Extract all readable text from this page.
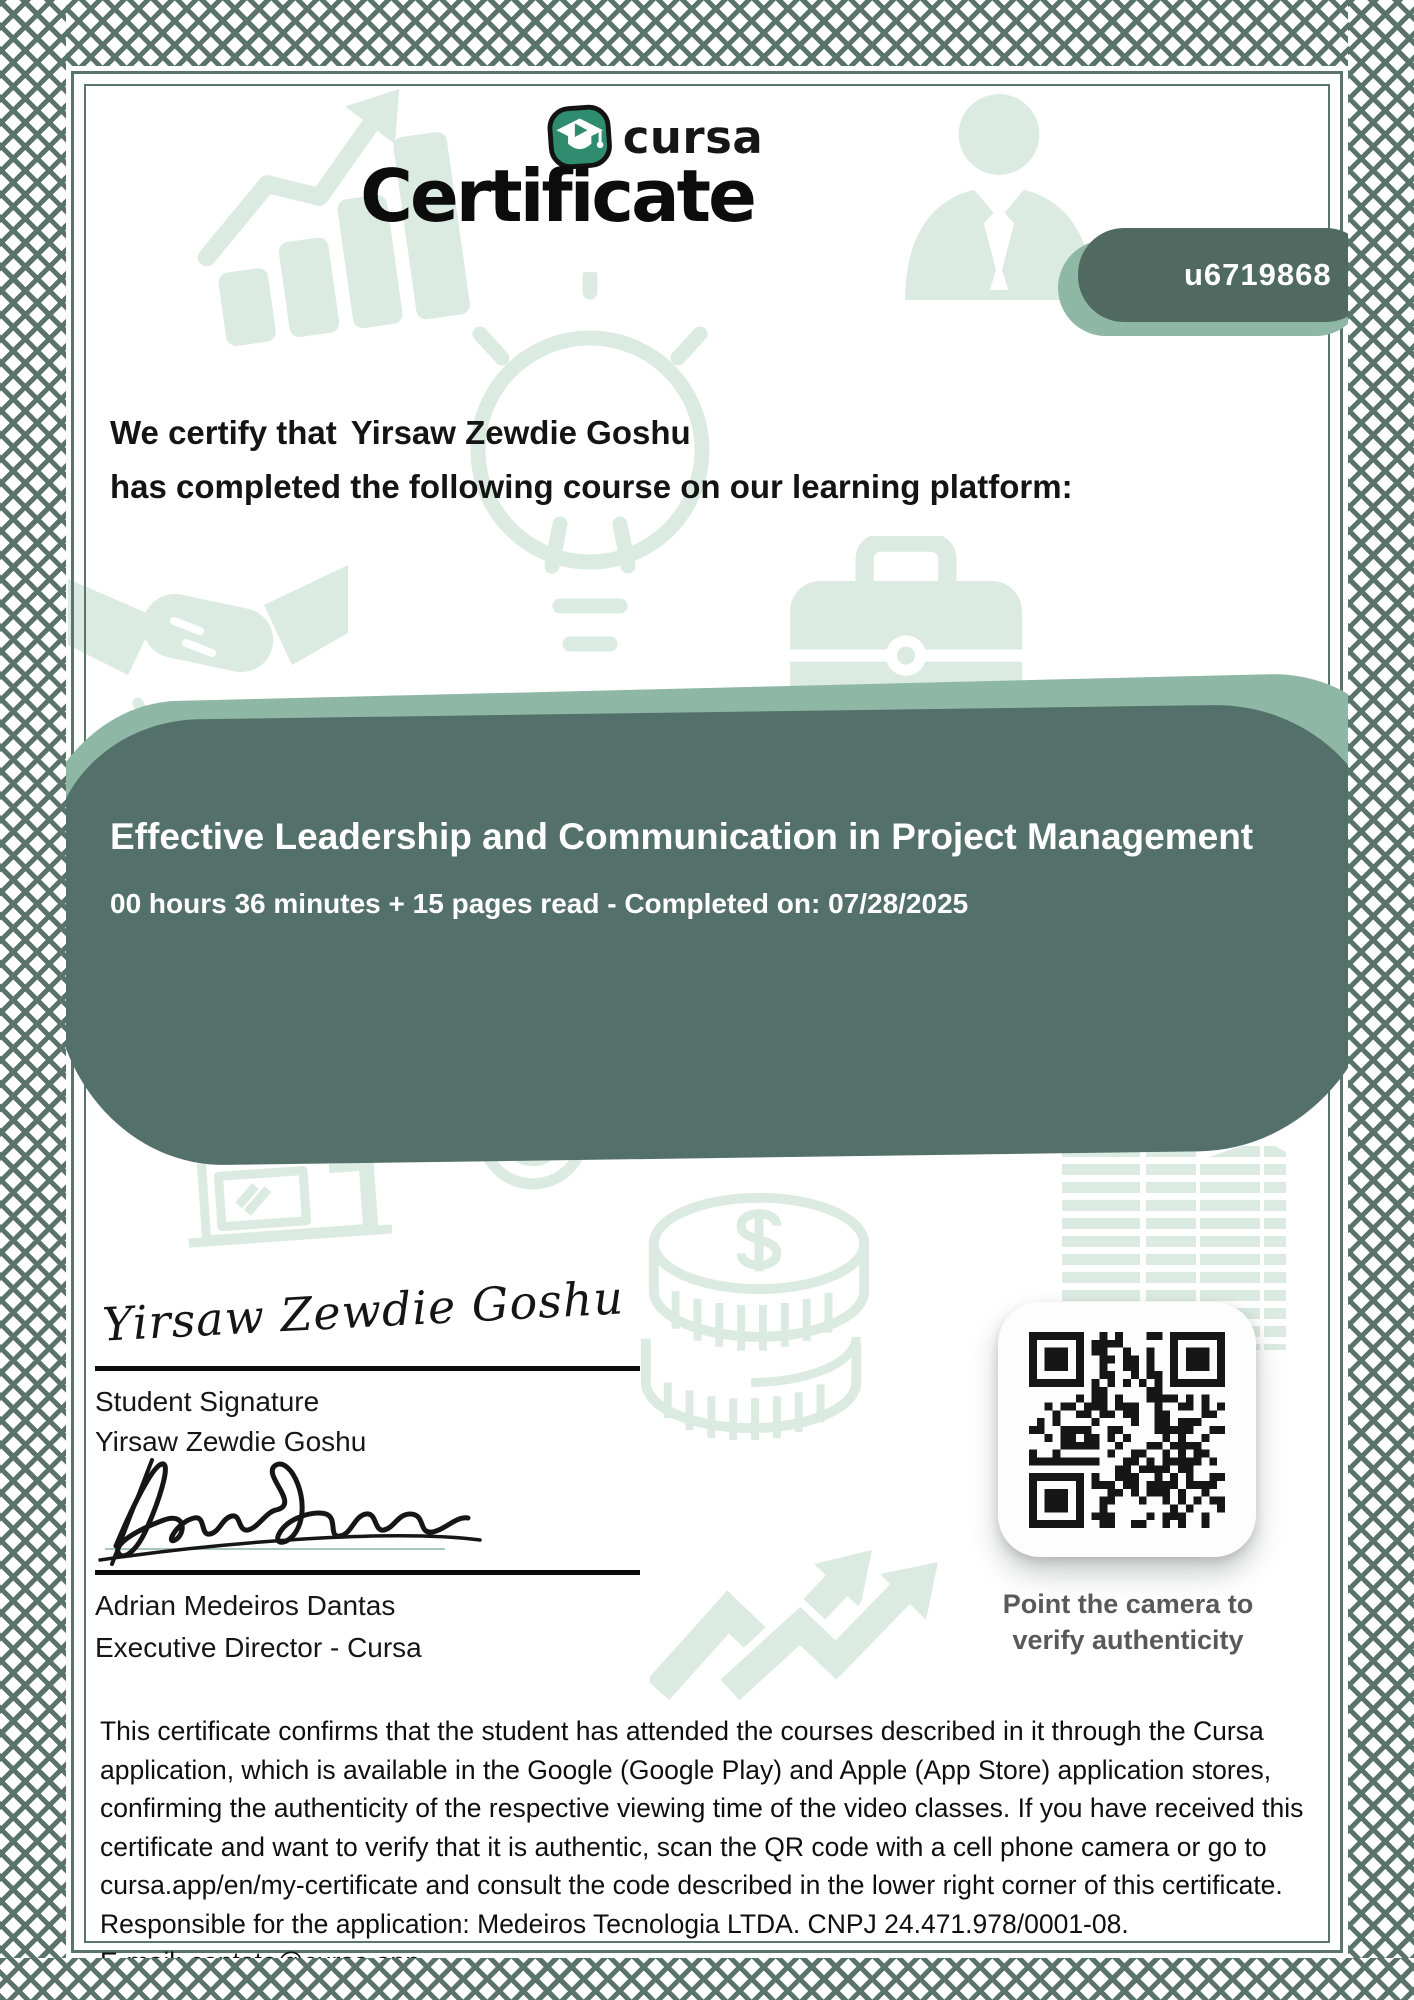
cursa
Certificate
u6719868
We certify that Yirsaw Zewdie Goshu
has completed the following course on our learning platform:
Effective Leadership and Communication in Project Management
00 hours 36 minutes + 15 pages read - Completed on: 07/28/2025
Yirsaw Zewdie Goshu
Student Signature
Yirsaw Zewdie Goshu
Adrian Medeiros Dantas
Executive Director - Cursa
Point the camera to
verify authenticity

This certificate confirms that the student has attended the courses described in it through the Cursa application, which is available in the Google (Google Play) and Apple (App Store) application stores, confirming the authenticity of the respective viewing time of the video classes. If you have received this certificate and want to verify that it is authentic, scan the QR code with a cell phone camera or go to cursa.app/en/my-certificate and consult the code described in the lower right corner of this certificate. Responsible for the application: Medeiros Tecnologia LTDA. CNPJ 24.471.978/0001-08.
